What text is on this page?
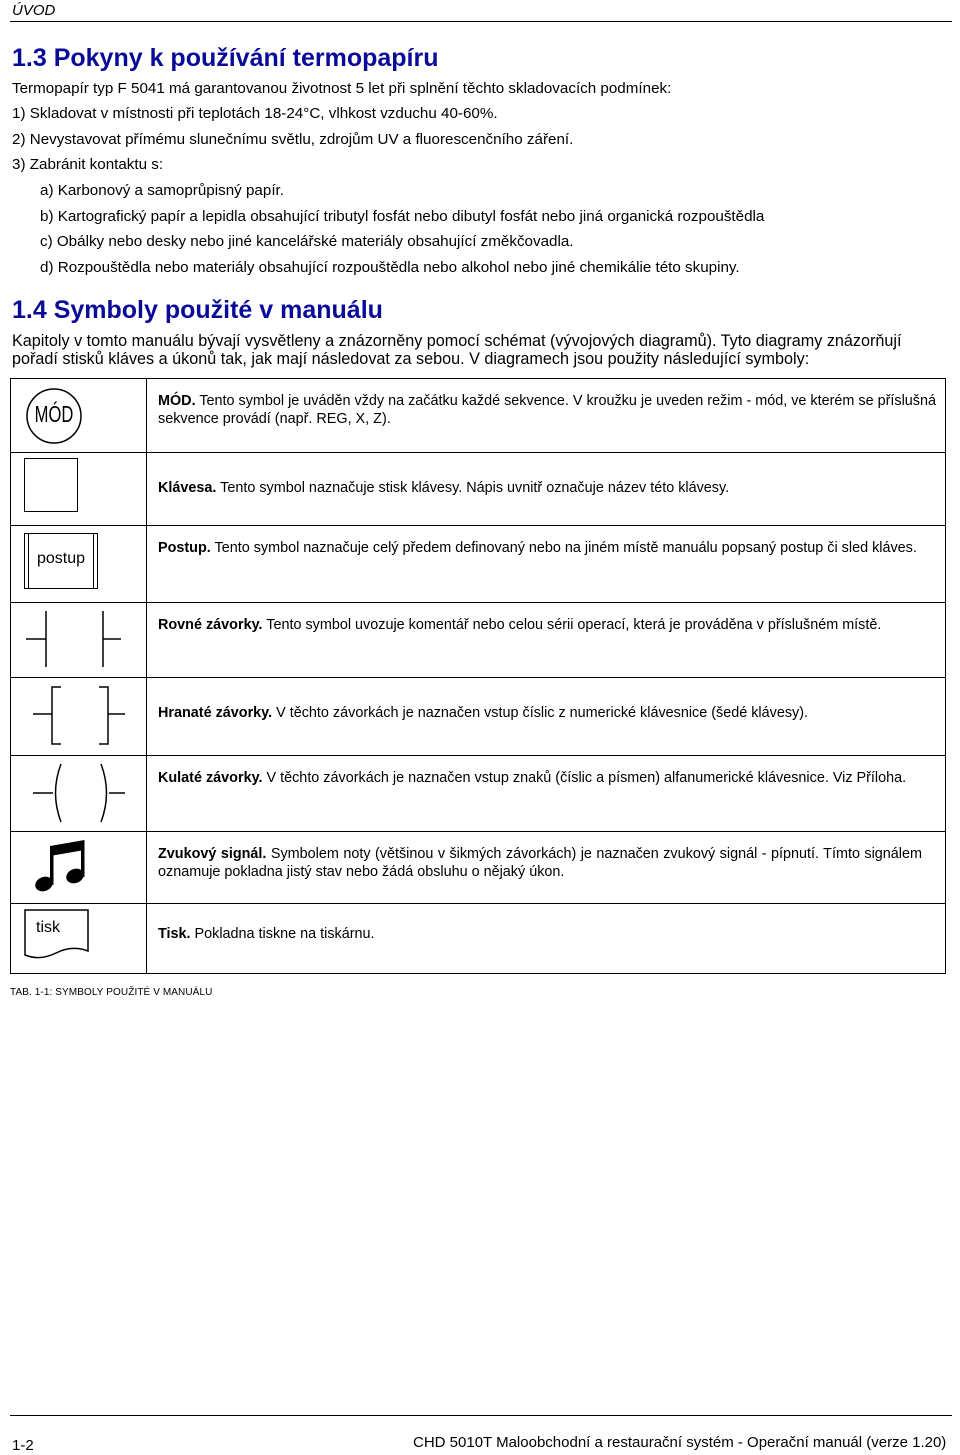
ÚVOD
1.3 Pokyny k používání termopapíru
Termopapír typ F 5041 má garantovanou životnost 5 let při splnění těchto skladovacích podmínek:
1) Skladovat v místnosti při teplotách 18-24°C, vlhkost vzduchu 40-60%.
2) Nevystavovat přímému slunečnímu světlu, zdrojům UV a fluorescenčního záření.
3) Zabránit kontaktu s:
a) Karbonový a samoprůpisný papír.
b) Kartografický papír a lepidla obsahující tributyl fosfát nebo dibutyl fosfát nebo jiná organická rozpouštědla
c) Obálky nebo desky nebo jiné kancelářské materiály obsahující změkčovadla.
d) Rozpouštědla nebo materiály obsahující rozpouštědla nebo alkohol nebo jiné chemikálie této skupiny.
1.4 Symboly použité v manuálu
Kapitoly v tomto manuálu bývají vysvětleny a znázorněny pomocí schémat (vývojových diagramů). Tyto diagramy znázorňují
pořadí stisků kláves a úkonů tak, jak mají následovat za sebou. V diagramech jsou použity následující symboly:
MÓD	MÓD. Tento symbol je uváděn vždy na začátku každé sekvence. V kroužku je uveden režim - mód, ve kterém se příslušná sekvence provádí (např. REG, X, Z).

	Klávesa. Tento symbol naznačuje stisk klávesy. Nápis uvnitř označuje název této klávesy.

postup	Postup. Tento symbol naznačuje celý předem definovaný nebo na jiném místě manuálu popsaný postup či sled kláves.

	Rovné závorky. Tento symbol uvozuje komentář nebo celou sérii operací, která je prováděna v příslušném místě.

	Hranaté závorky. V těchto závorkách je naznačen vstup číslic z numerické klávesnice (šedé klávesy).

	Kulaté závorky. V těchto závorkách je naznačen vstup znaků (číslic a písmen) alfanumerické klávesnice. Viz Příloha.

	Zvukový signál. Symbolem noty (většinou v šikmých závorkách) je naznačen zvukový signál - pípnutí. Tímto signálem oznamuje pokladna jistý stav nebo žádá obsluhu o nějaký úkon.

tisk	Tisk. Pokladna tiskne na tiskárnu.
TAB. 1-1: SYMBOLY POUŽITÉ V MANUÁLU
1-2	CHD 5010T Maloobchodní a restaurační systém - Operační manuál (verze 1.20)
